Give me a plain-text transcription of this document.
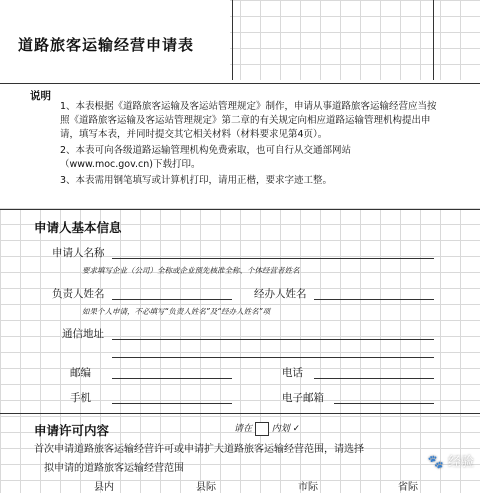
道路旅客运输经营申请表
说明

1、本表根据《道路旅客运输及客运站管理规定》制作，申请从事道路旅客运输经营应当按照《道路旅客运输及客运站管理规定》第二章的有关规定向相应道路运输管理机构提出申请，填写本表，并同时提交其它相关材料（材料要求见第4页）。

2、本表可向各级道路运输管理机构免费索取，也可自行从交通部网站（www.moc.gov.cn)下载打印。

3、本表需用钢笔填写或计算机打印，请用正楷，要求字迹工整。

申请人基本信息
申请人名称
要求填写企业（公司）全称或企业预先核准全称、个体经营者姓名
负责人姓名	经办人姓名
如果个人申请，不必填写“负责人姓名”及“经办人姓名”项
通信地址
邮编	电话
手机	电子邮箱
申请许可内容	请在 内划 ✓
首次申请道路旅客运输经营许可或申请扩大道路旅客运输经营范围，请选择
拟申请的道路旅客运输经营范围
县内	县际	市际	省际
🐾 经验
